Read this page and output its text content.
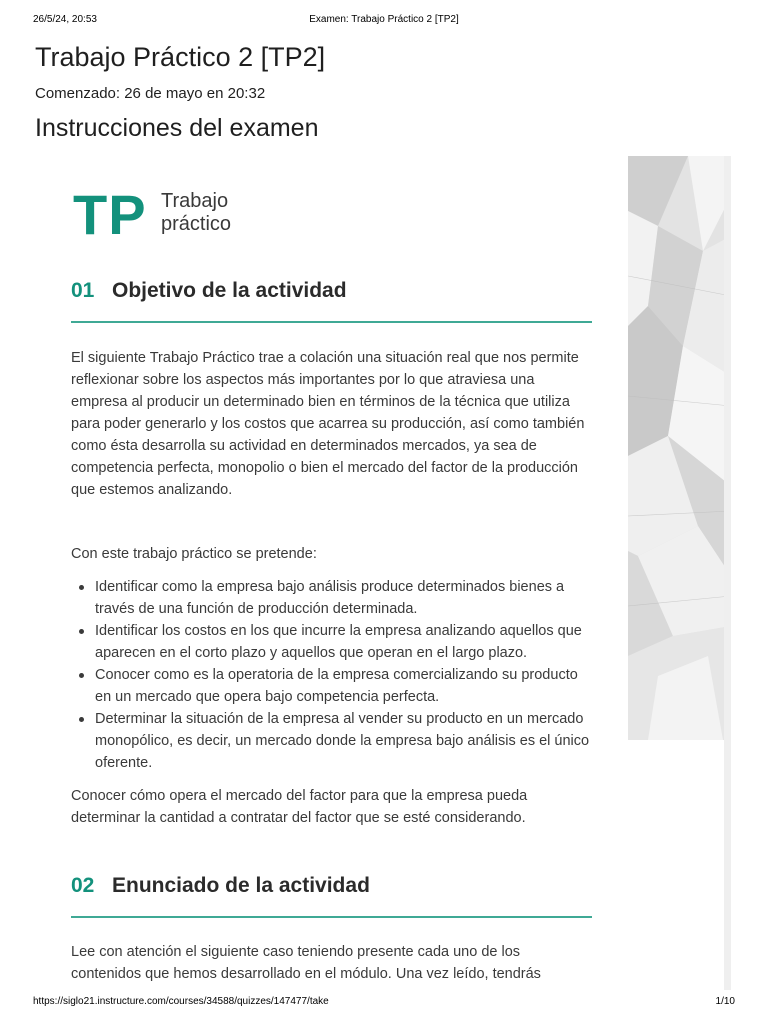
26/5/24, 20:53	Examen: Trabajo Práctico 2 [TP2]
Trabajo Práctico 2 [TP2]
Comenzado: 26 de mayo en 20:32
Instrucciones del examen
TP Trabajo
práctico
01 Objetivo de la actividad

El siguiente Trabajo Práctico trae a colación una situación real que nos permite reflexionar sobre los aspectos más importantes por lo que atraviesa una empresa al producir un determinado bien en términos de la técnica que utiliza para poder generarlo y los costos que acarrea su producción, así como también como ésta desarrolla su actividad en determinados mercados, ya sea de competencia perfecta, monopolio o bien el mercado del factor de la producción que estemos analizando.

Con este trabajo práctico se pretende:

Identificar como la empresa bajo análisis produce determinados bienes a través de una función de producción determinada.
Identificar los costos en los que incurre la empresa analizando aquellos que aparecen en el corto plazo y aquellos que operan en el largo plazo.
Conocer como es la operatoria de la empresa comercializando su producto en un mercado que opera bajo competencia perfecta.
Determinar la situación de la empresa al vender su producto en un mercado monopólico, es decir, un mercado donde la empresa bajo análisis es el único oferente.

Conocer cómo opera el mercado del factor para que la empresa pueda determinar la cantidad a contratar del factor que se esté considerando.

02 Enunciado de la actividad

Lee con atención el siguiente caso teniendo presente cada uno de los contenidos que hemos desarrollado en el módulo. Una vez leído, tendrás

https://siglo21.instructure.com/courses/34588/quizzes/147477/take	1/10
